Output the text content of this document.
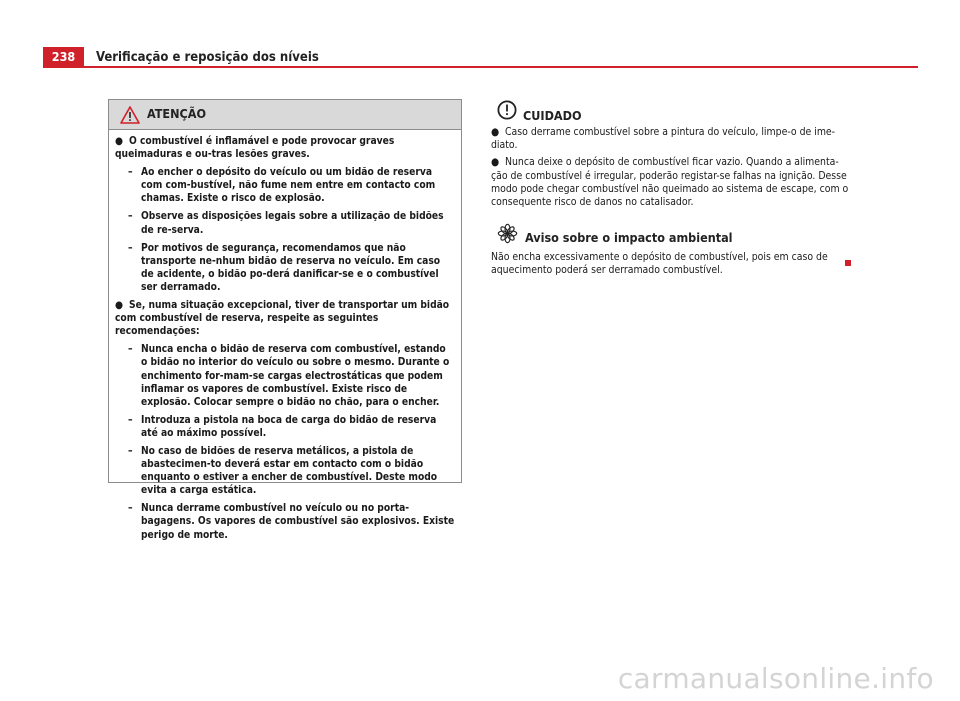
238	Verificação e reposição dos níveis
ATENÇÃO
● O combustível é inflamável e pode provocar graves queimaduras e ou-tras lesões graves.
– Ao encher o depósito do veículo ou um bidão de reserva com com-bustível, não fume nem entre em contacto com chamas. Existe o risco de explosão.
– Observe as disposições legais sobre a utilização de bidões de re-serva.
– Por motivos de segurança, recomendamos que não transporte ne-nhum bidão de reserva no veículo. Em caso de acidente, o bidão po-derá danificar-se e o combustível ser derramado.
● Se, numa situação excepcional, tiver de transportar um bidão com combustível de reserva, respeite as seguintes recomendações:
– Nunca encha o bidão de reserva com combustível, estando o bidão no interior do veículo ou sobre o mesmo. Durante o enchimento for-mam-se cargas electrostáticas que podem inflamar os vapores de combustível. Existe risco de explosão. Colocar sempre o bidão no chão, para o encher.
– Introduza a pistola na boca de carga do bidão de reserva até ao máximo possível.
– No caso de bidões de reserva metálicos, a pistola de abastecimen-to deverá estar em contacto com o bidão enquanto o estiver a encher de combustível. Deste modo evita a carga estática.
– Nunca derrame combustível no veículo ou no porta-bagagens. Os vapores de combustível são explosivos. Existe perigo de morte.
CUIDADO
● Caso derrame combustível sobre a pintura do veículo, limpe-o de ime-diato.
● Nunca deixe o depósito de combustível ficar vazio. Quando a alimenta-ção de combustível é irregular, poderão registar-se falhas na ignição. Desse modo pode chegar combustível não queimado ao sistema de escape, com o consequente risco de danos no catalisador.
Aviso sobre o impacto ambiental
Não encha excessivamente o depósito de combustível, pois em caso de aquecimento poderá ser derramado combustível.
carmanualsonline.info
